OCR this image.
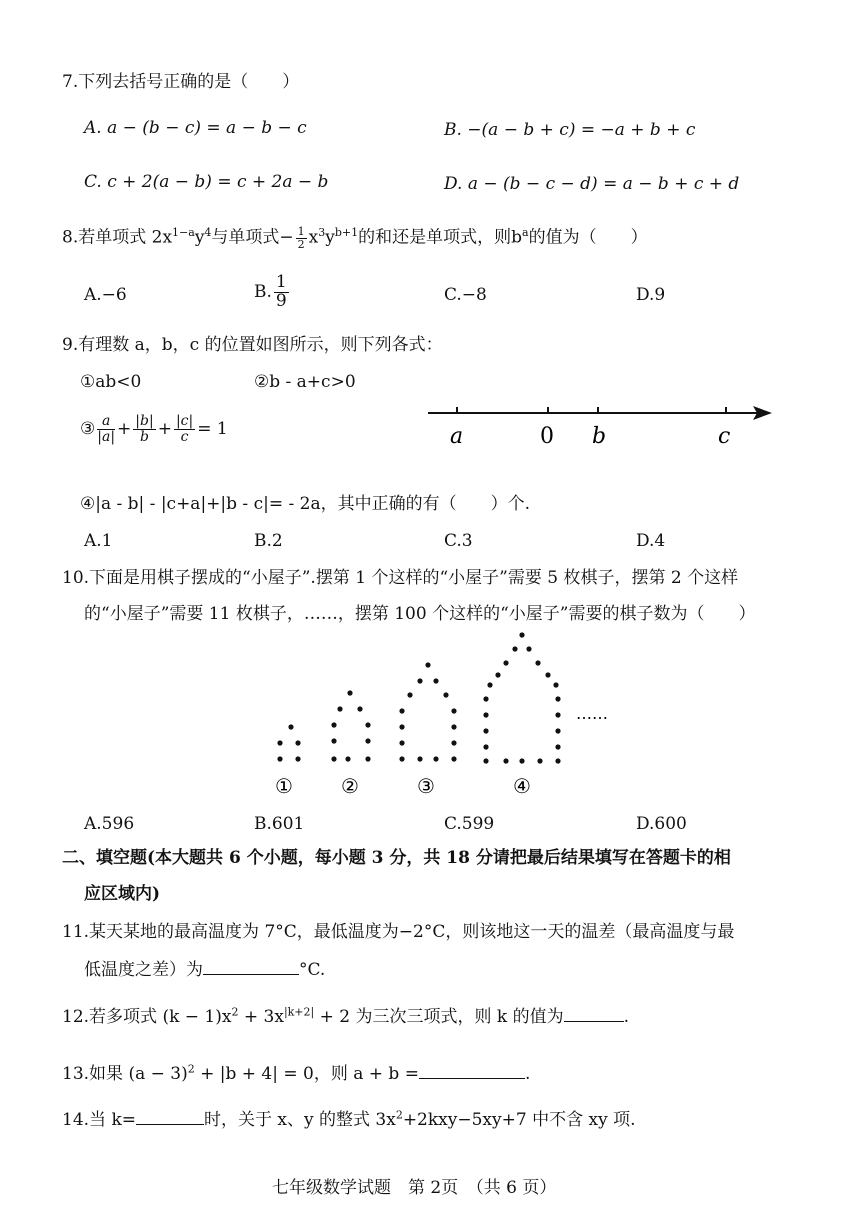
7.下列去括号正确的是（　　）
A. a − (b − c) = a − b − c	B. −(a − b + c) = −a + b + c
C. c + 2(a − b) = c + 2a − b	D. a − (b − c − d) = a − b + c + d
8.若单项式 $2x^{1-a}y^4$与单项式− $\frac{1}{2} x^3y^{b+1}$的和还是单项式，则$b^a$的值为（　　）
A.−6	B. $\frac{1}{9}$	C.−8	D.9
9.有理数 a，b，c 的位置如图所示，则下列各式：
①ab<0	②b - a+c>0
③ $\frac{a}{|a|} + \frac{|b|}{b} + \frac{|c|}{c} = 1$	a	0 b	c
④|a - b| - |c+a|+|b - c|= - 2a，其中正确的有（　　）个.
A.1	B.2	C.3	D.4
10.下面是用棋子摆成的“小屋子”.摆第 1 个这样的“小屋子”需要 5 枚棋子，摆第 2 个这样
的“小屋子”需要 11 枚棋子，……，摆第 100 个这样的“小屋子”需要的棋子数为（　　）
① ②	③	④
……
A.596	B.601	C.599	D.600
二、填空题(本大题共 6 个小题，每小题 3 分，共 18 分请把最后结果填写在答题卡的相
应区域内)
11.某天某地的最高温度为 7°C，最低温度为−2°C，则该地这一天的温差（最高温度与最
低温度之差）为	°C.
12.若多项式 $(k - 1)x^2 + 3x^{|k+2|} + 2$ 为三次三项式，则 k 的值为	.
13.如果 $(a - 3)^2 + |b + 4| = 0$，则 a + b =	.
14.当 k=	时，关于 x、y 的整式 $3x^2+2kxy-5xy+7$ 中不含 xy 项.
七年级数学试题　第 2页　（共 6 页）
